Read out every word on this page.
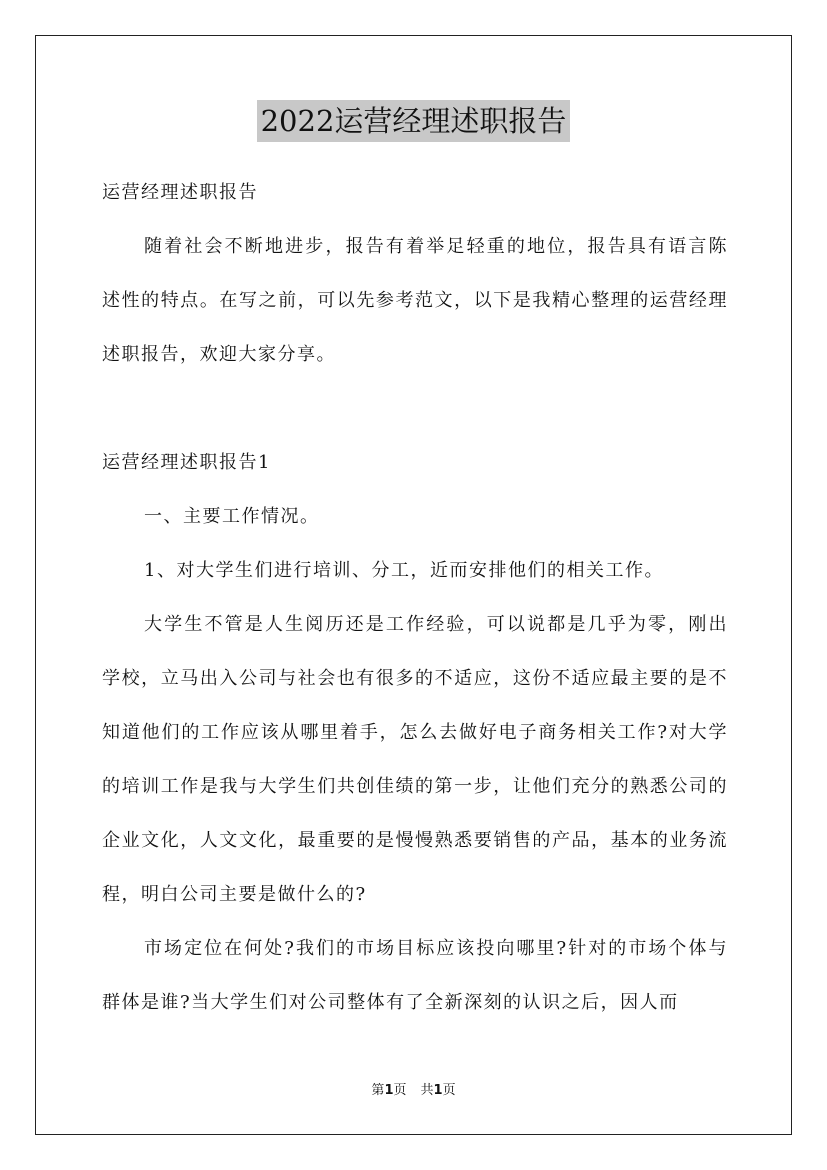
2022运营经理述职报告
运营经理述职报告

随着社会不断地进步，报告有着举足轻重的地位，报告具有语言陈述性的特点。在写之前，可以先参考范文，以下是我精心整理的运营经理述职报告，欢迎大家分享。

运营经理述职报告1

一、主要工作情况。

1、对大学生们进行培训、分工，近而安排他们的相关工作。

大学生不管是人生阅历还是工作经验，可以说都是几乎为零，刚出学校，立马出入公司与社会也有很多的不适应，这份不适应最主要的是不知道他们的工作应该从哪里着手，怎么去做好电子商务相关工作?对大学的培训工作是我与大学生们共创佳绩的第一步，让他们充分的熟悉公司的企业文化，人文文化，最重要的是慢慢熟悉要销售的产品，基本的业务流程，明白公司主要是做什么的?

市场定位在何处?我们的市场目标应该投向哪里?针对的市场个体与群体是谁?当大学生们对公司整体有了全新深刻的认识之后，因人而

第1页 共1页
